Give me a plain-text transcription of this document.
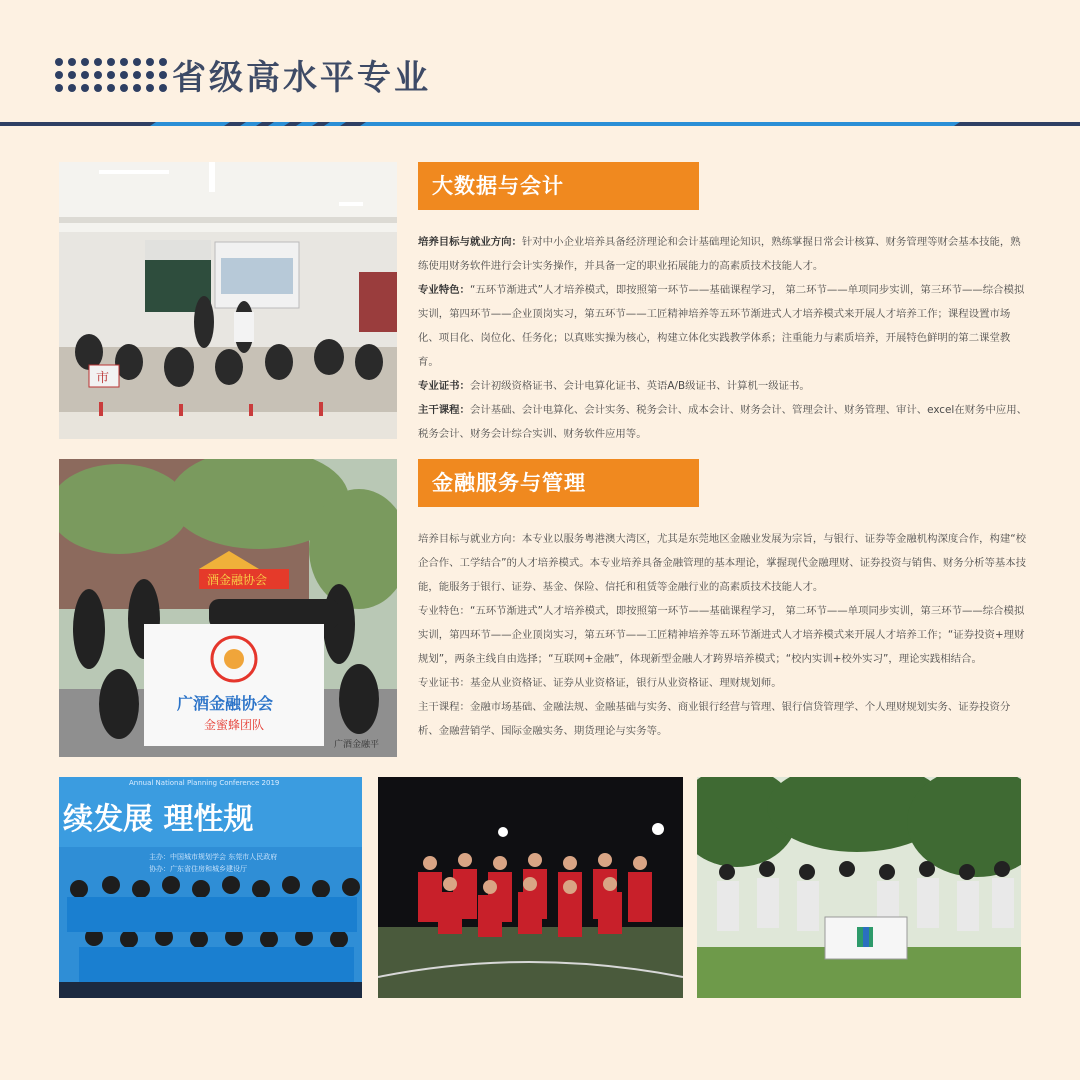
省级高水平专业
市
大数据与会计

培养目标与就业方向：针对中小企业培养具备经济理论和会计基础理论知识，熟练掌握日常会计核算、财务管理等财会基本技能，熟练使用财务软件进行会计实务操作，并具备一定的职业拓展能力的高素质技术技能人才。

专业特色：“五环节渐进式”人才培养模式，即按照第一环节——基础课程学习， 第二环节——单项同步实训，第三环节——综合模拟实训，第四环节——企业顶岗实习，第五环节——工匠精神培养等五环节渐进式人才培养模式来开展人才培养工作；课程设置市场化、项目化、岗位化、任务化；以真账实操为核心，构建立体化实践教学体系；注重能力与素质培养，开展特色鲜明的第二课堂教育。

专业证书：会计初级资格证书、会计电算化证书、英语A/B级证书、计算机一级证书。

主干课程：会计基础、会计电算化、会计实务、税务会计、成本会计、财务会计、管理会计、财务管理、审计、excel在财务中应用、税务会计、财务会计综合实训、财务软件应用等。

酒金融协会
广酒金融协会
金蜜蜂团队
广酒金融平
金融服务与管理

培养目标与就业方向：本专业以服务粤港澳大湾区，尤其是东莞地区金融业发展为宗旨，与银行、证券等金融机构深度合作，构建“校企合作、工学结合”的人才培养模式。本专业培养具备金融管理的基本理论，掌握现代金融理财、证券投资与销售、财务分析等基本技能，能服务于银行、证券、基金、保险、信托和租赁等金融行业的高素质技术技能人才。

专业特色：“五环节渐进式”人才培养模式，即按照第一环节——基础课程学习， 第二环节——单项同步实训，第三环节——综合模拟实训，第四环节——企业顶岗实习，第五环节——工匠精神培养等五环节渐进式人才培养模式来开展人才培养工作；“证券投资+理财规划”，两条主线自由选择；“互联网+金融”，体现新型金融人才跨界培养模式；“校内实训+校外实习”，理论实践相结合。

专业证书：基金从业资格证、证券从业资格证，银行从业资格证、理财规划师。

主干课程：金融市场基础、金融法规、金融基础与实务、商业银行经营与管理、银行信贷管理学、个人理财规划实务、证券投资分析、金融营销学、国际金融实务、期货理论与实务等。

Annual National Planning Conference 2019
续发展 理性规
主办：中国城市规划学会 东莞市人民政府
协办：广东省住房和城乡建设厅
